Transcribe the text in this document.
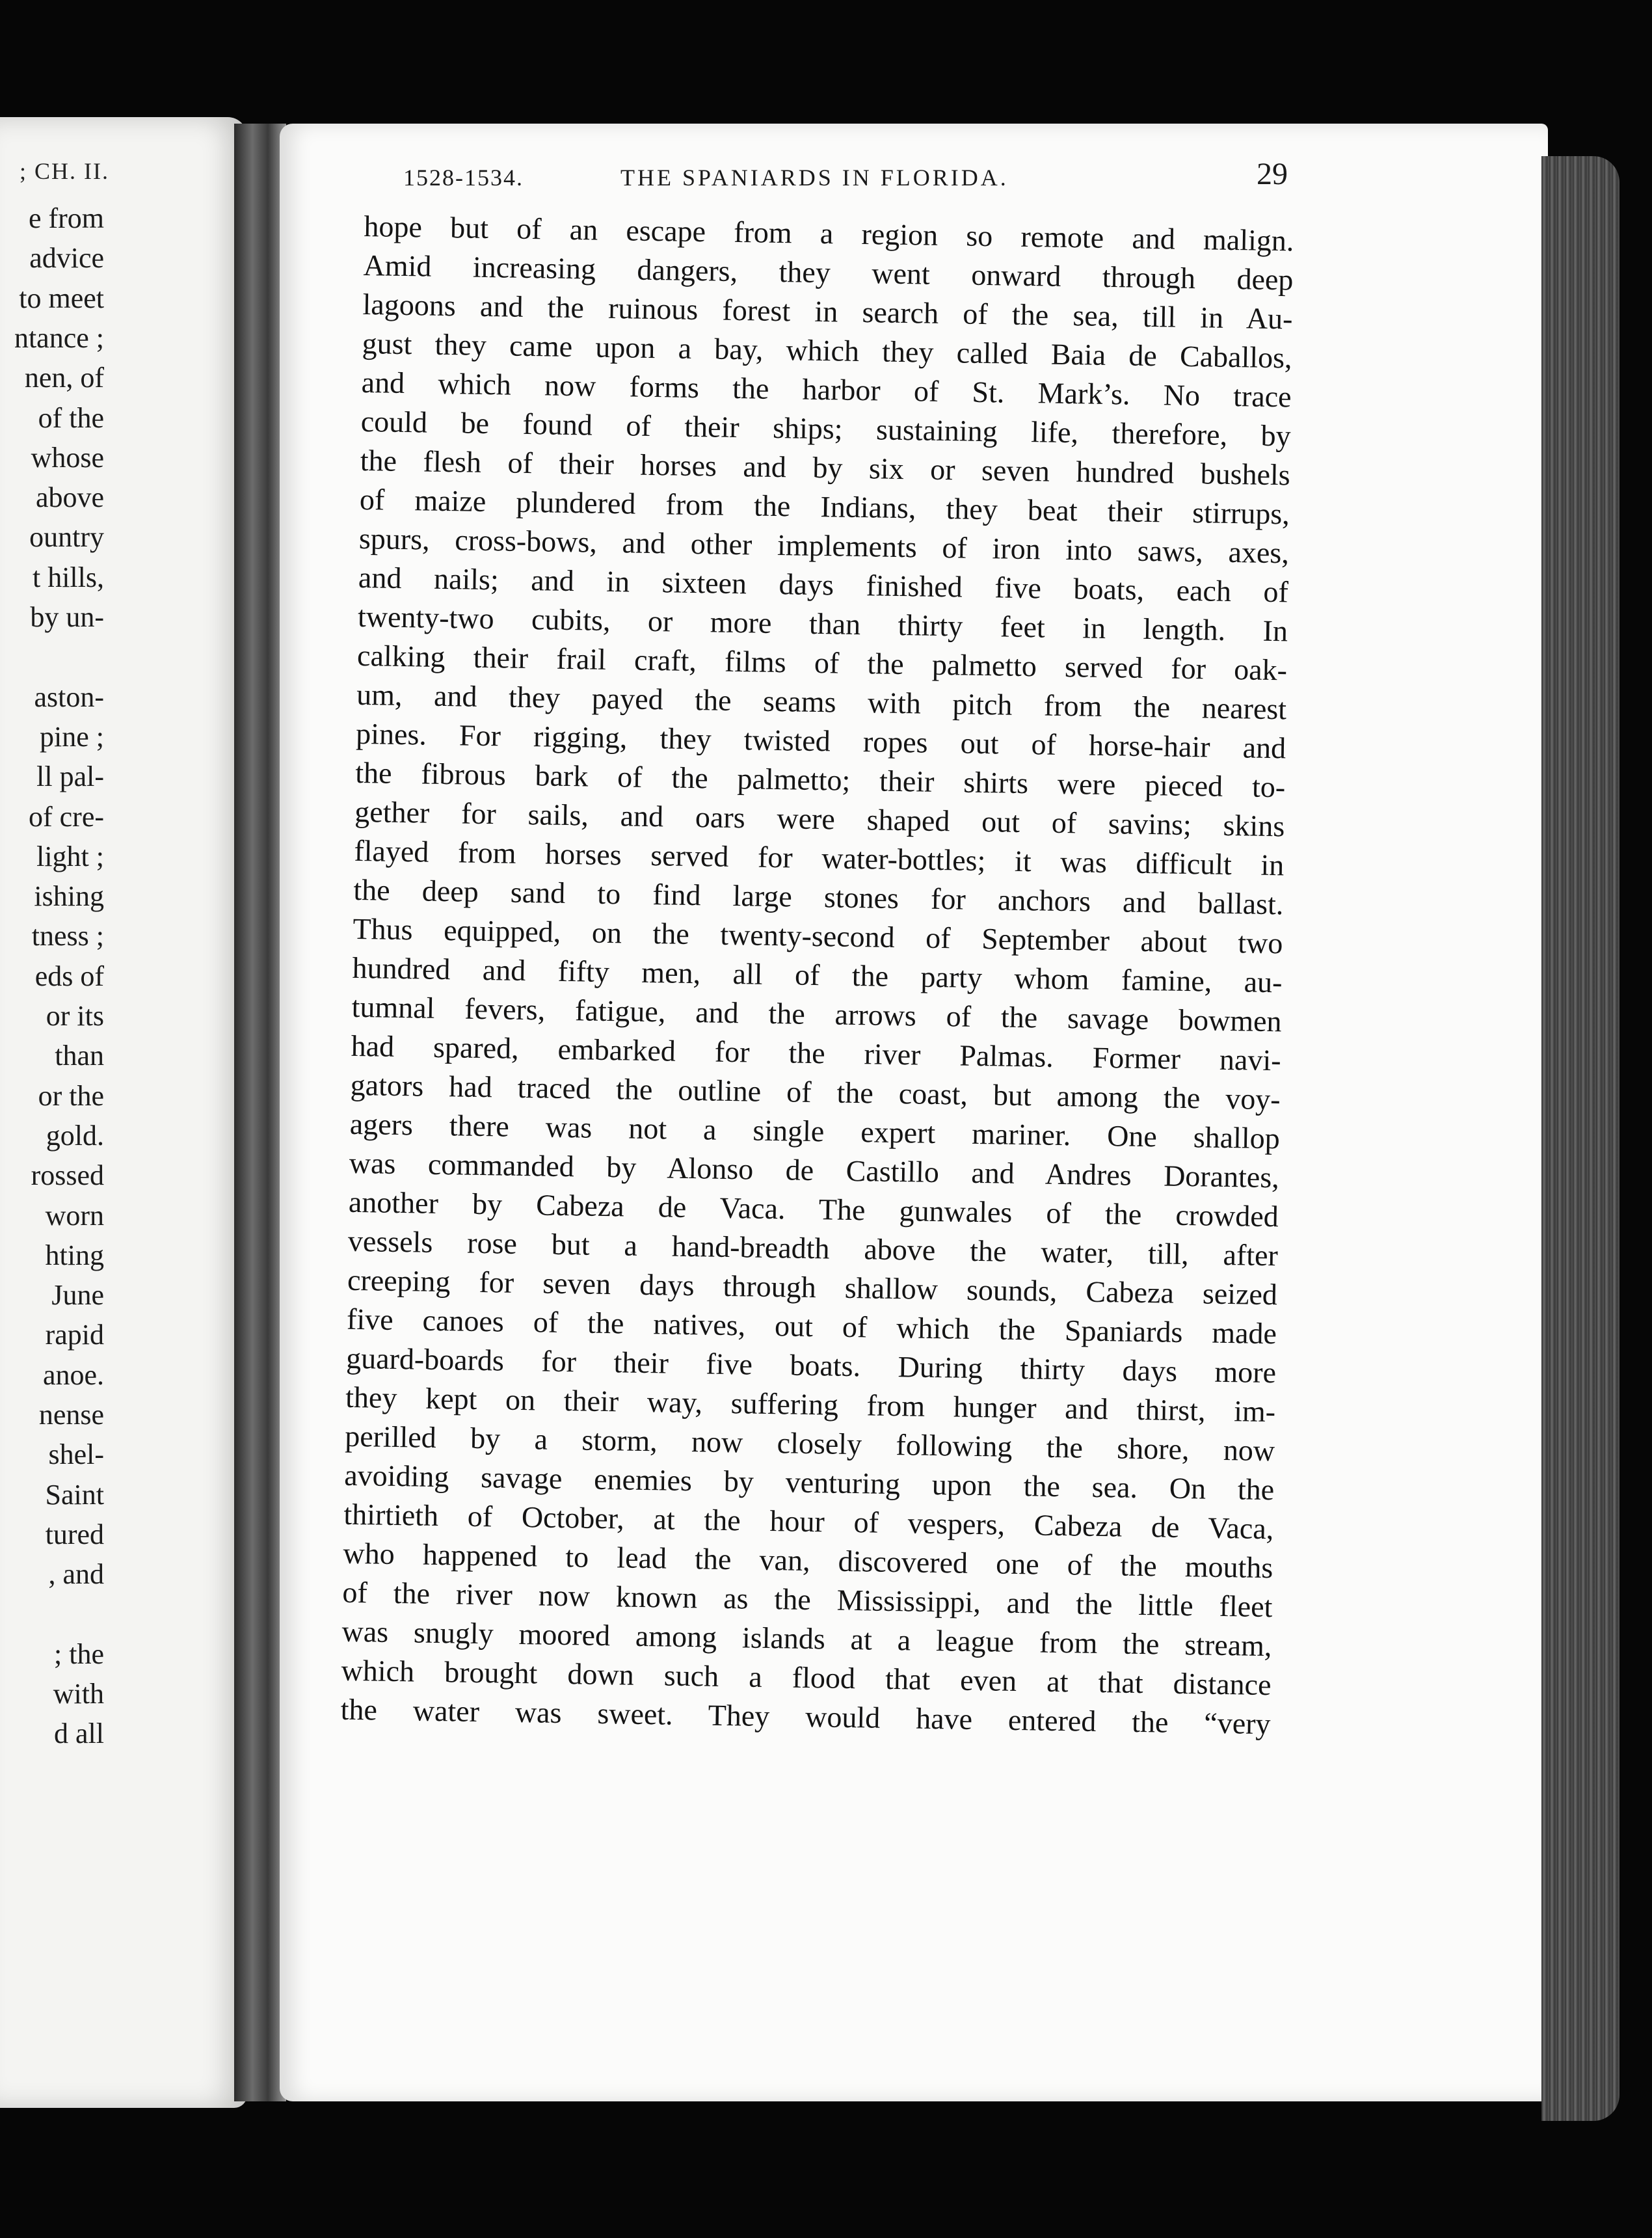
; CH. II.
e from
advice
to meet
ntance ;
nen, of
of the
whose
above
ountry
t hills,
by un-
aston-
pine ;
ll pal-
of cre-
light ;
ishing
tness ;
eds of
or its
than
or the
gold.
rossed
worn
hting
June
rapid
anoe.
nense
shel-
Saint
tured
, and
; the
with
d all
1528-1534.	THE SPANIARDS IN FLORIDA.	29
hope but of an escape from a region so remote and malign.
Amid increasing dangers, they went onward through deep
lagoons and the ruinous forest in search of the sea, till in Au-
gust they came upon a bay, which they called Baia de Caballos,
and which now forms the harbor of St. Mark’s. No trace
could be found of their ships; sustaining life, therefore, by
the flesh of their horses and by six or seven hundred bushels
of maize plundered from the Indians, they beat their stirrups,
spurs, cross-bows, and other implements of iron into saws, axes,
and nails; and in sixteen days finished five boats, each of
twenty-two cubits, or more than thirty feet in length. In
calking their frail craft, films of the palmetto served for oak-
um, and they payed the seams with pitch from the nearest
pines. For rigging, they twisted ropes out of horse-hair and
the fibrous bark of the palmetto; their shirts were pieced to-
gether for sails, and oars were shaped out of savins; skins
flayed from horses served for water-bottles; it was difficult in
the deep sand to find large stones for anchors and ballast.
Thus equipped, on the twenty-second of September about two
hundred and fifty men, all of the party whom famine, au-
tumnal fevers, fatigue, and the arrows of the savage bowmen
had spared, embarked for the river Palmas. Former navi-
gators had traced the outline of the coast, but among the voy-
agers there was not a single expert mariner. One shallop
was commanded by Alonso de Castillo and Andres Dorantes,
another by Cabeza de Vaca. The gunwales of the crowded
vessels rose but a hand-breadth above the water, till, after
creeping for seven days through shallow sounds, Cabeza seized
five canoes of the natives, out of which the Spaniards made
guard-boards for their five boats. During thirty days more
they kept on their way, suffering from hunger and thirst, im-
perilled by a storm, now closely following the shore, now
avoiding savage enemies by venturing upon the sea. On the
thirtieth of October, at the hour of vespers, Cabeza de Vaca,
who happened to lead the van, discovered one of the mouths
of the river now known as the Mississippi, and the little fleet
was snugly moored among islands at a league from the stream,
which brought down such a flood that even at that distance
the water was sweet. They would have entered the “very
